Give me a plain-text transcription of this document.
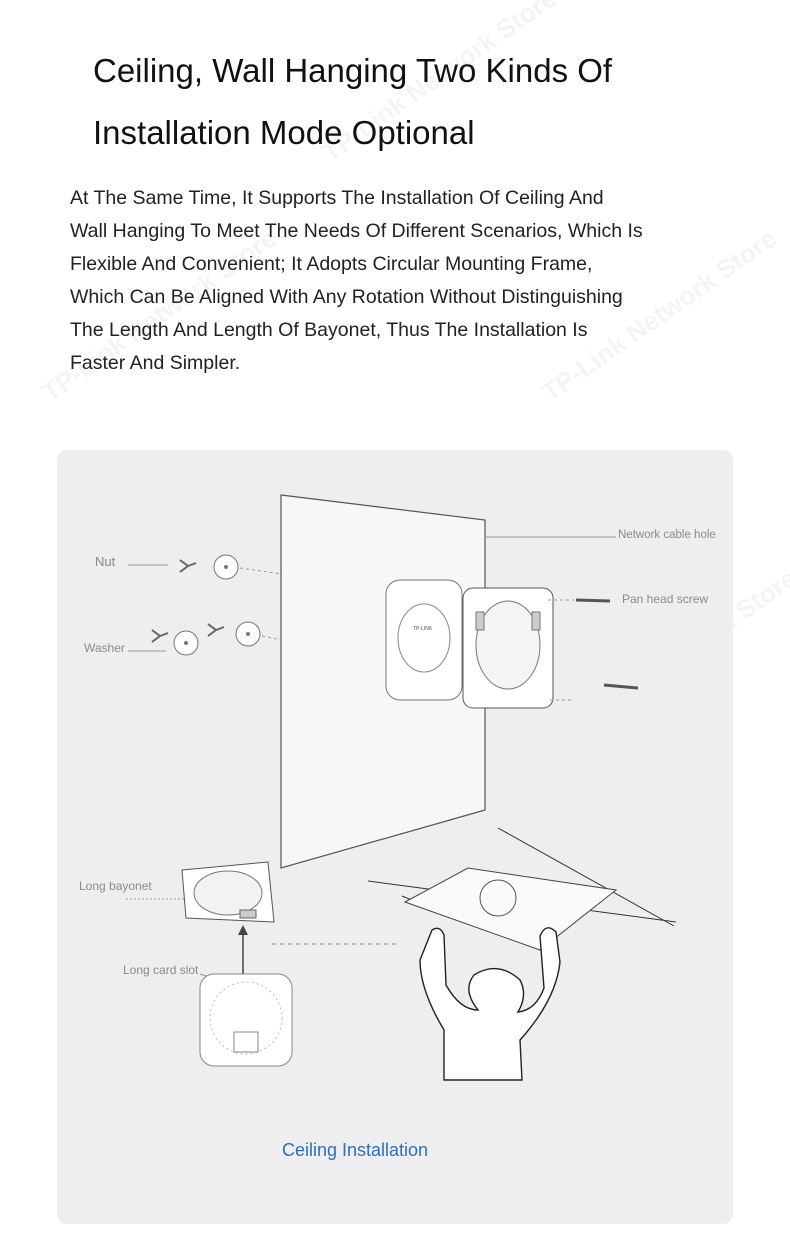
Ceiling, Wall Hanging Two Kinds Of
Installation Mode Optional
At The Same Time, It Supports The Installation Of Ceiling And
Wall Hanging To Meet The Needs Of Different Scenarios, Which Is
Flexible And Convenient; It Adopts Circular Mounting Frame,
Which Can Be Aligned With Any Rotation Without Distinguishing
The Length And Length Of Bayonet, Thus The Installation Is
Faster And Simpler.
Nut
Washer
TP-LINK
Network cable hole
Pan head screw
Long bayonet
Long card slot
Ceiling Installation
